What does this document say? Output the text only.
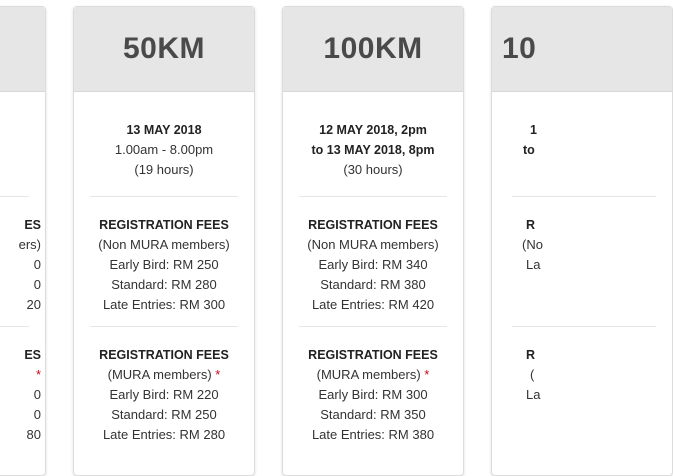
ES
ers)
0
0
20
ES
*
0
0
80
50KM
13 MAY 2018
1.00am - 8.00pm
(19 hours)
REGISTRATION FEES
(Non MURA members)
Early Bird: RM 250
Standard: RM 280
Late Entries: RM 300
REGISTRATION FEES
(MURA members) *
Early Bird: RM 220
Standard: RM 250
Late Entries: RM 280
100KM
12 MAY 2018, 2pm
to 13 MAY 2018, 8pm
(30 hours)
REGISTRATION FEES
(Non MURA members)
Early Bird: RM 340
Standard: RM 380
Late Entries: RM 420
REGISTRATION FEES
(MURA members) *
Early Bird: RM 300
Standard: RM 350
Late Entries: RM 380
10
1
to
R
(No
La
R
(
La
